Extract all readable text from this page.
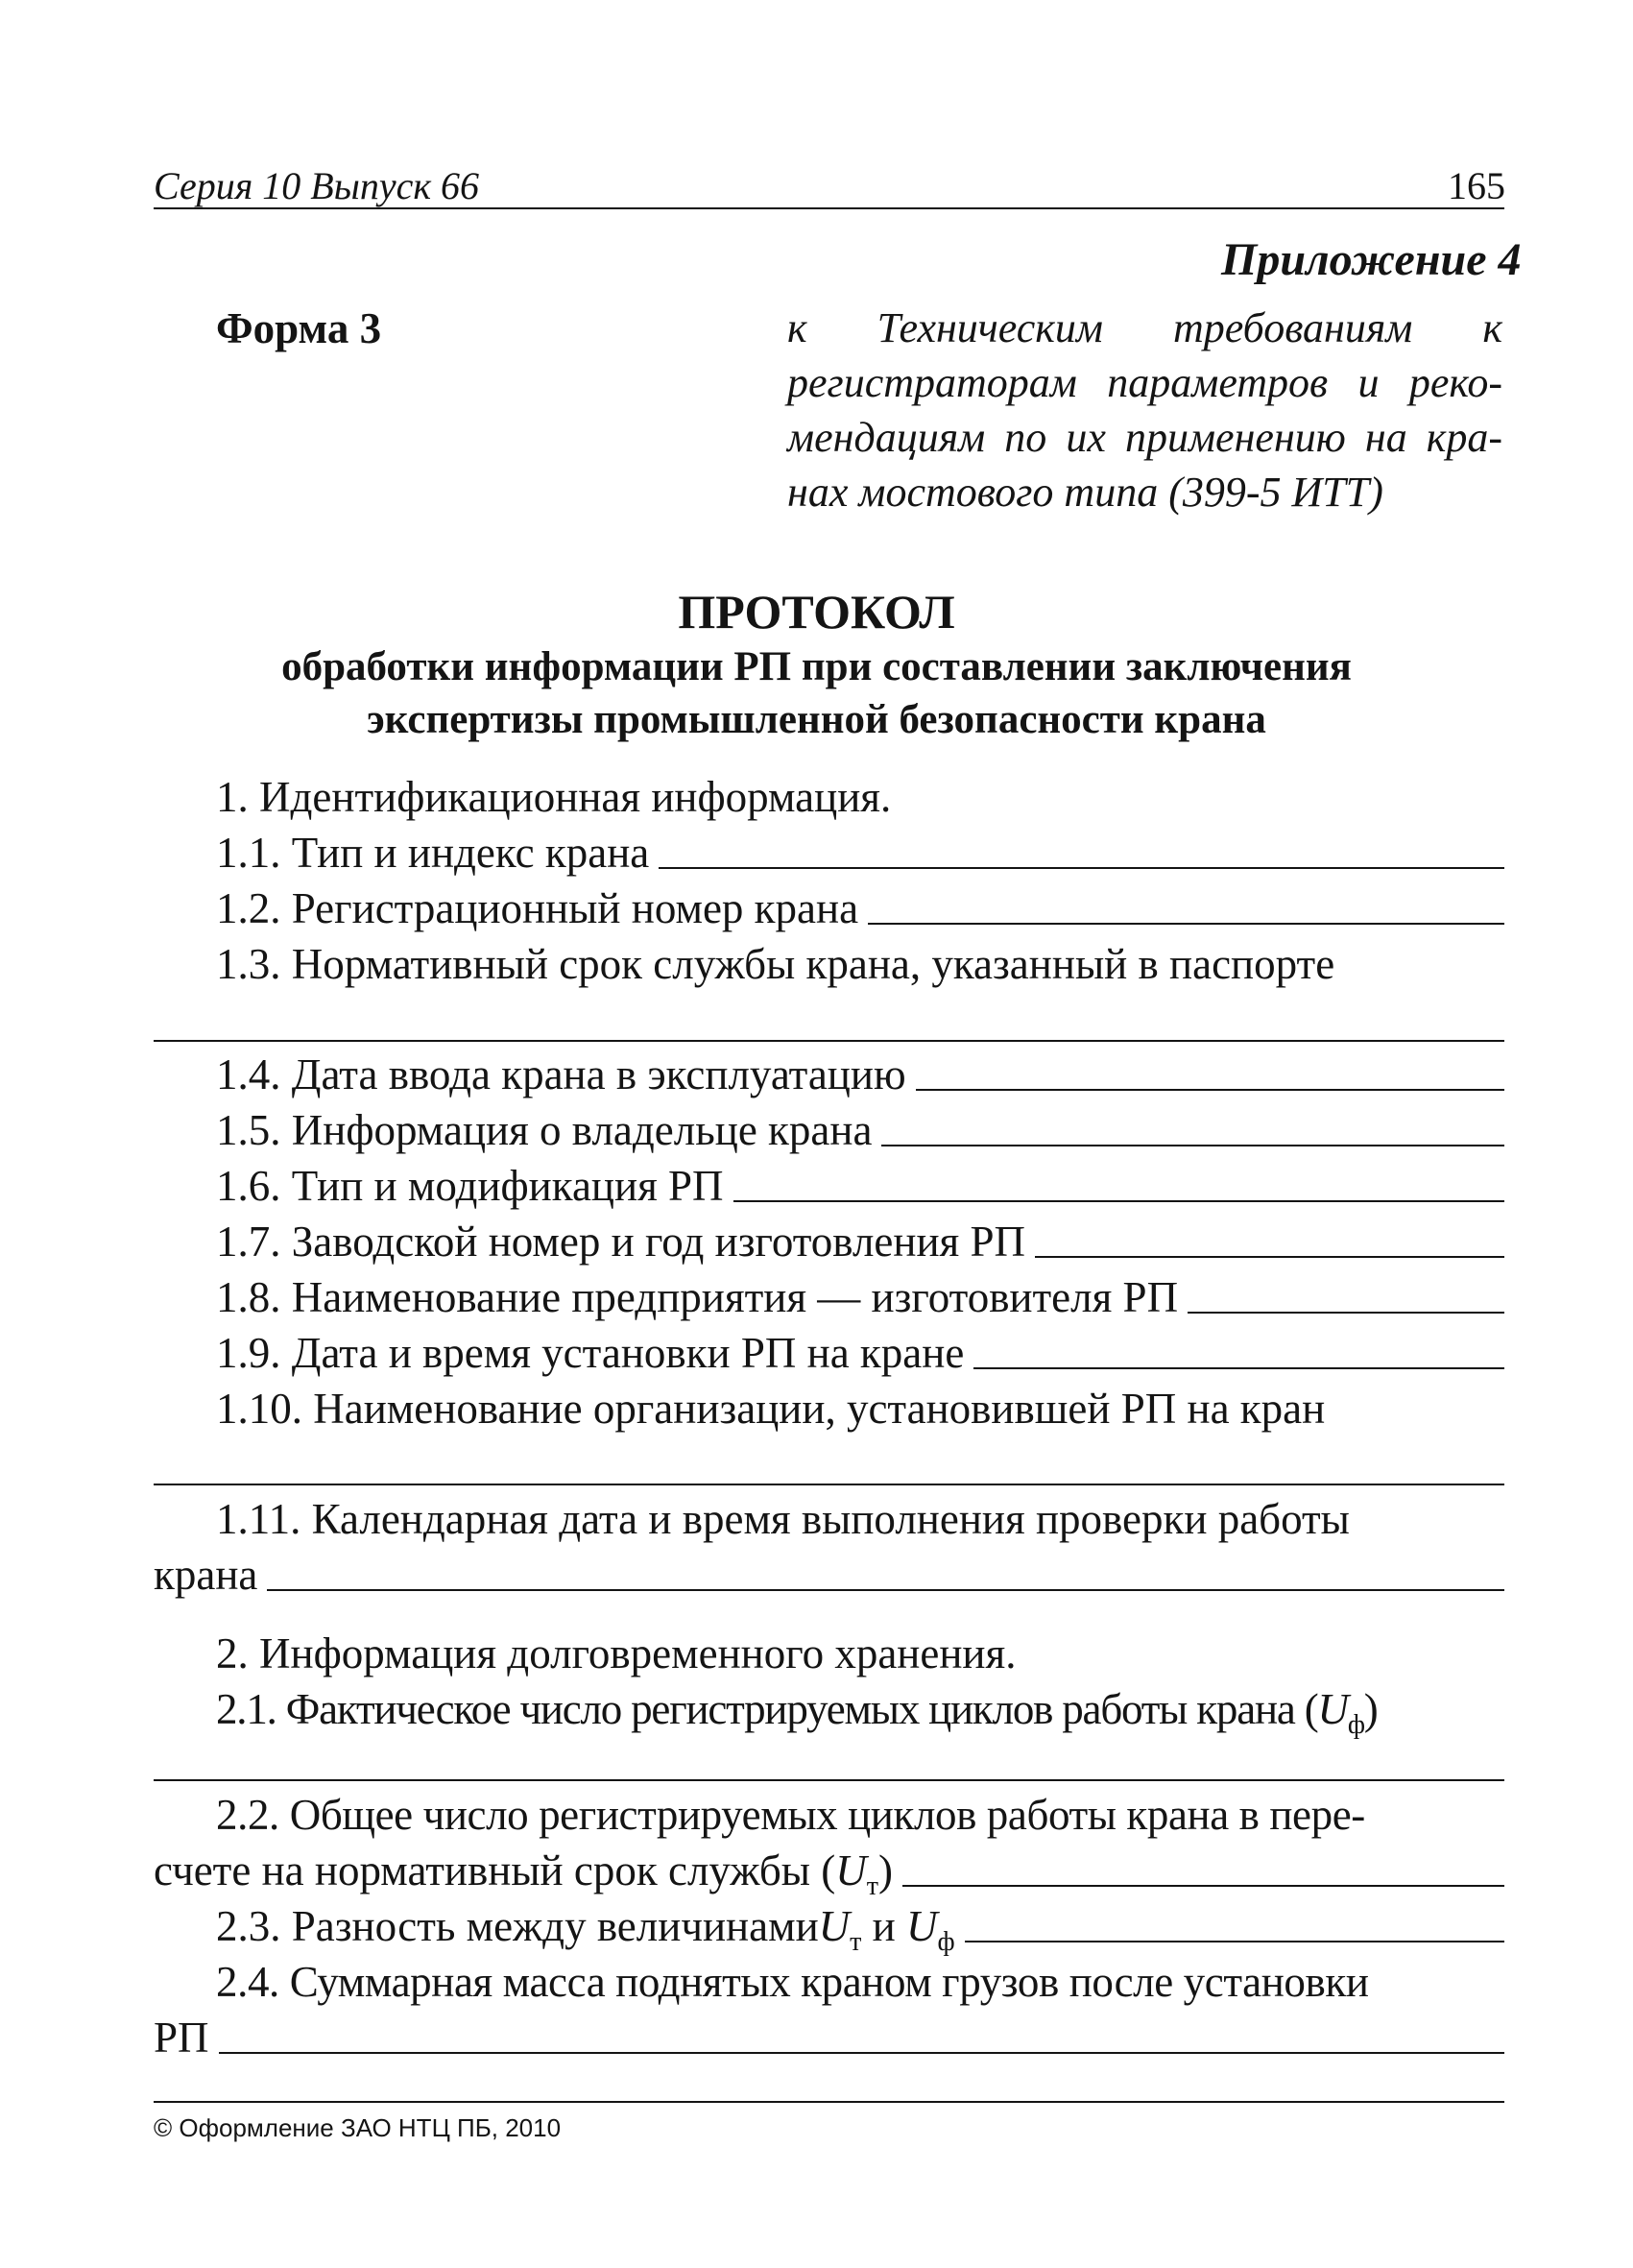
Серия 10 Выпуск 66	165

Приложение 4

Форма 3	к Техническим требованиям к
регистраторам параметров и реко-
мендациям по их применению на кра-
нах мостового типа (399-5 ИТТ)

ПРОТОКОЛ

обработки информации РП при составлении заключения

экспертизы промышленной безопасности крана

1. Идентификационная информация.
1.1. Тип и индекс крана
1.2. Регистрационный номер крана
1.3. Нормативный срок службы крана, указанный в паспорте
1.4. Дата ввода крана в эксплуатацию
1.5. Информация о владельце крана
1.6. Тип и модификация РП
1.7. Заводской номер и год изготовления РП
1.8. Наименование предприятия — изготовителя РП
1.9. Дата и время установки РП на кране
1.10. Наименование организации, установившей РП на кран
1.11. Календарная дата и время выполнения проверки работы
крана
2. Информация долговременного хранения.
2.1. Фактическое число регистрируемых циклов работы крана ( U ф )
2.2. Общее число регистрируемых циклов работы крана в пере-
счете на нормативный срок службы ( U т )
2.3. Разность между величинами U т и U ф
2.4. Суммарная масса поднятых краном грузов после установки
РП

© Оформление ЗАО НТЦ ПБ, 2010
